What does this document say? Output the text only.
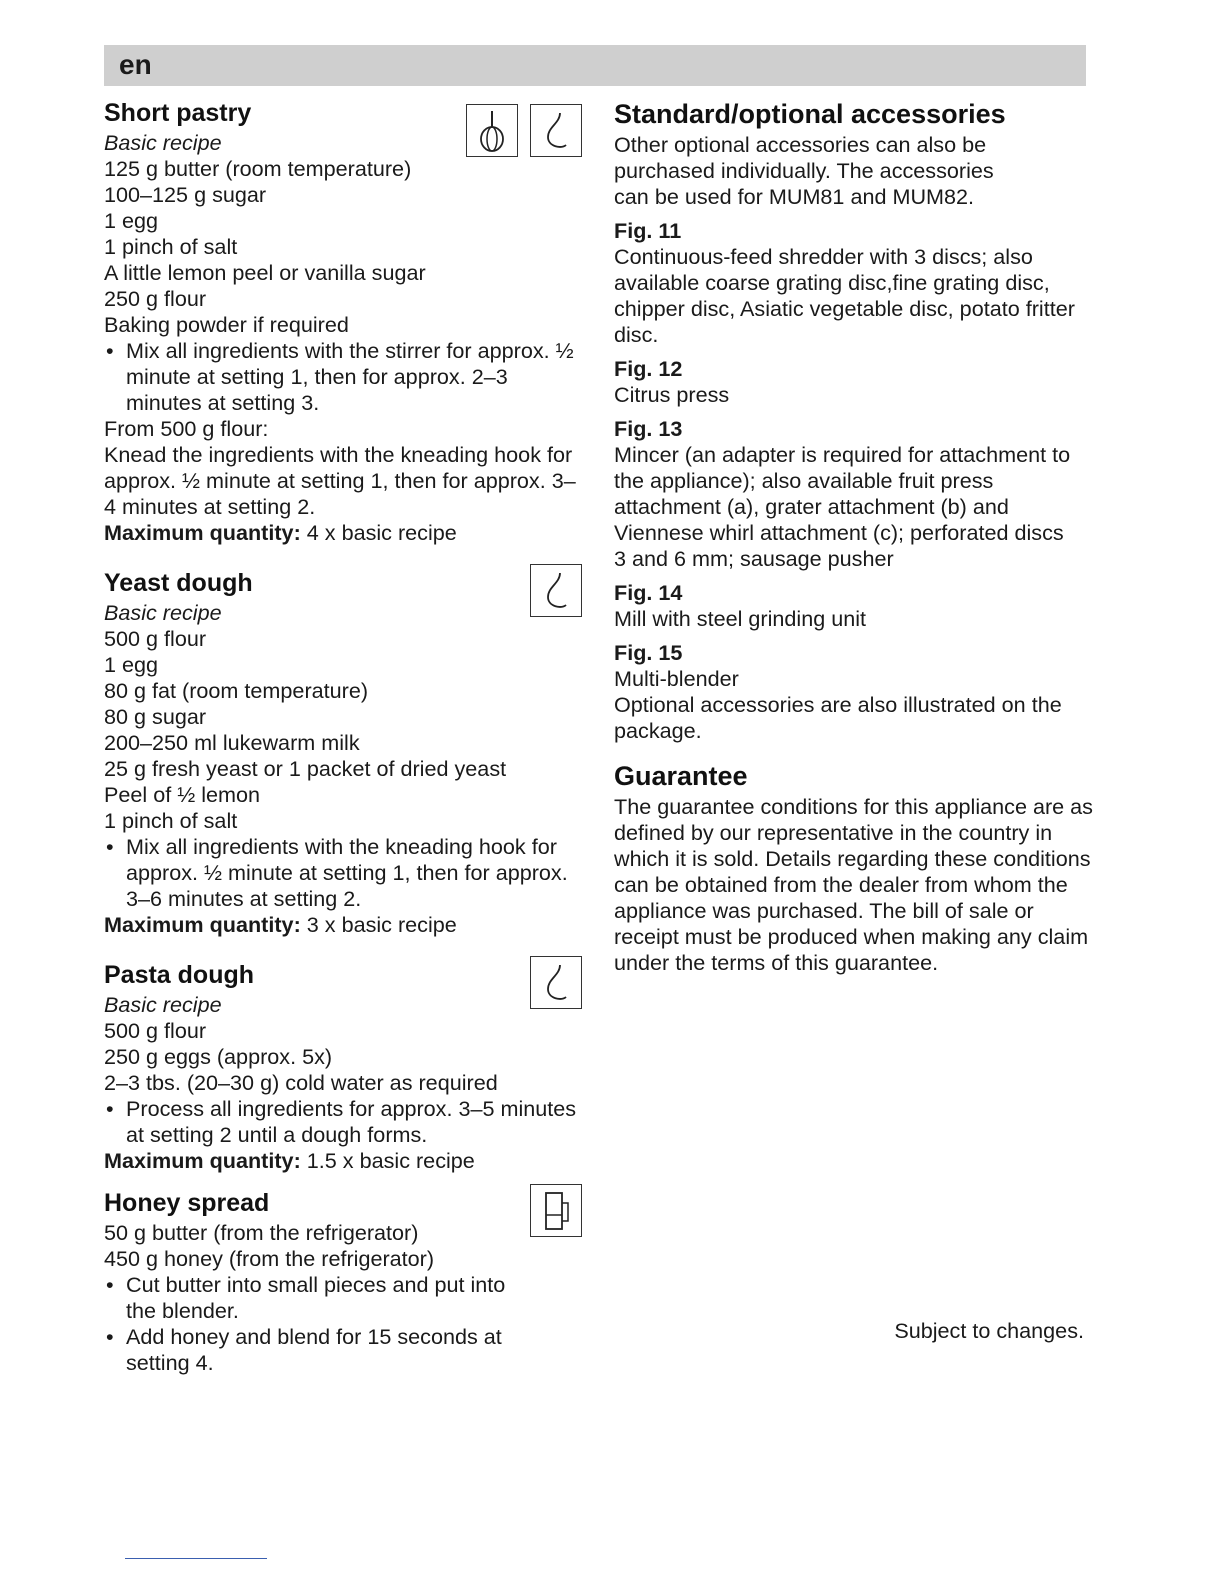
en
Short pastry

Basic recipe

125 g butter (room temperature)

100–125 g sugar

1 egg

1 pinch of salt

A little lemon peel or vanilla sugar

250 g flour

Baking powder if required

• Mix all ingredients with the stirrer for approx. ½ minute at setting 1, then for approx. 2–3 minutes at setting 3.

From 500 g flour:

Knead the ingredients with the kneading hook for approx. ½ minute at setting 1, then for approx. 3–4 minutes at setting 2.

Maximum quantity: 4 x basic recipe

Yeast dough

Basic recipe

500 g flour

1 egg

80 g fat (room temperature)

80 g sugar

200–250 ml lukewarm milk

25 g fresh yeast or 1 packet of dried yeast

Peel of ½ lemon

1 pinch of salt

• Mix all ingredients with the kneading hook for approx. ½ minute at setting 1, then for approx. 3–6 minutes at setting 2.

Maximum quantity: 3 x basic recipe

Pasta dough

Basic recipe

500 g flour

250 g eggs (approx. 5x)

2–3 tbs. (20–30 g) cold water as required

• Process all ingredients for approx. 3–5 minutes at setting 2 until a dough forms.

Maximum quantity: 1.5 x basic recipe

Honey spread

50 g butter (from the refrigerator)

450 g honey (from the refrigerator)

• Cut butter into small pieces and put into the blender.
• Add honey and blend for 15 seconds at setting 4.
Standard/optional accessories

Other optional accessories can also be purchased individually. The accessories can be used for MUM81 and MUM82.

Fig. 11

Continuous-feed shredder with 3 discs; also available coarse grating disc,fine grating disc, chipper disc, Asiatic vegetable disc, potato fritter disc.

Fig. 12

Citrus press

Fig. 13

Mincer (an adapter is required for attachment to the appliance); also available fruit press attachment (a), grater attachment (b) and Viennese whirl attachment (c); perforated discs

3 and 6 mm; sausage pusher

Fig. 14

Mill with steel grinding unit

Fig. 15

Multi-blender

Optional accessories are also illustrated on the package.

Guarantee

The guarantee conditions for this appliance are as defined by our representative in the country in which it is sold. Details regarding these conditions can be obtained from the dealer from whom the appliance was purchased. The bill of sale or receipt must be produced when making any claim under the terms of this guarantee.

Subject to changes.
